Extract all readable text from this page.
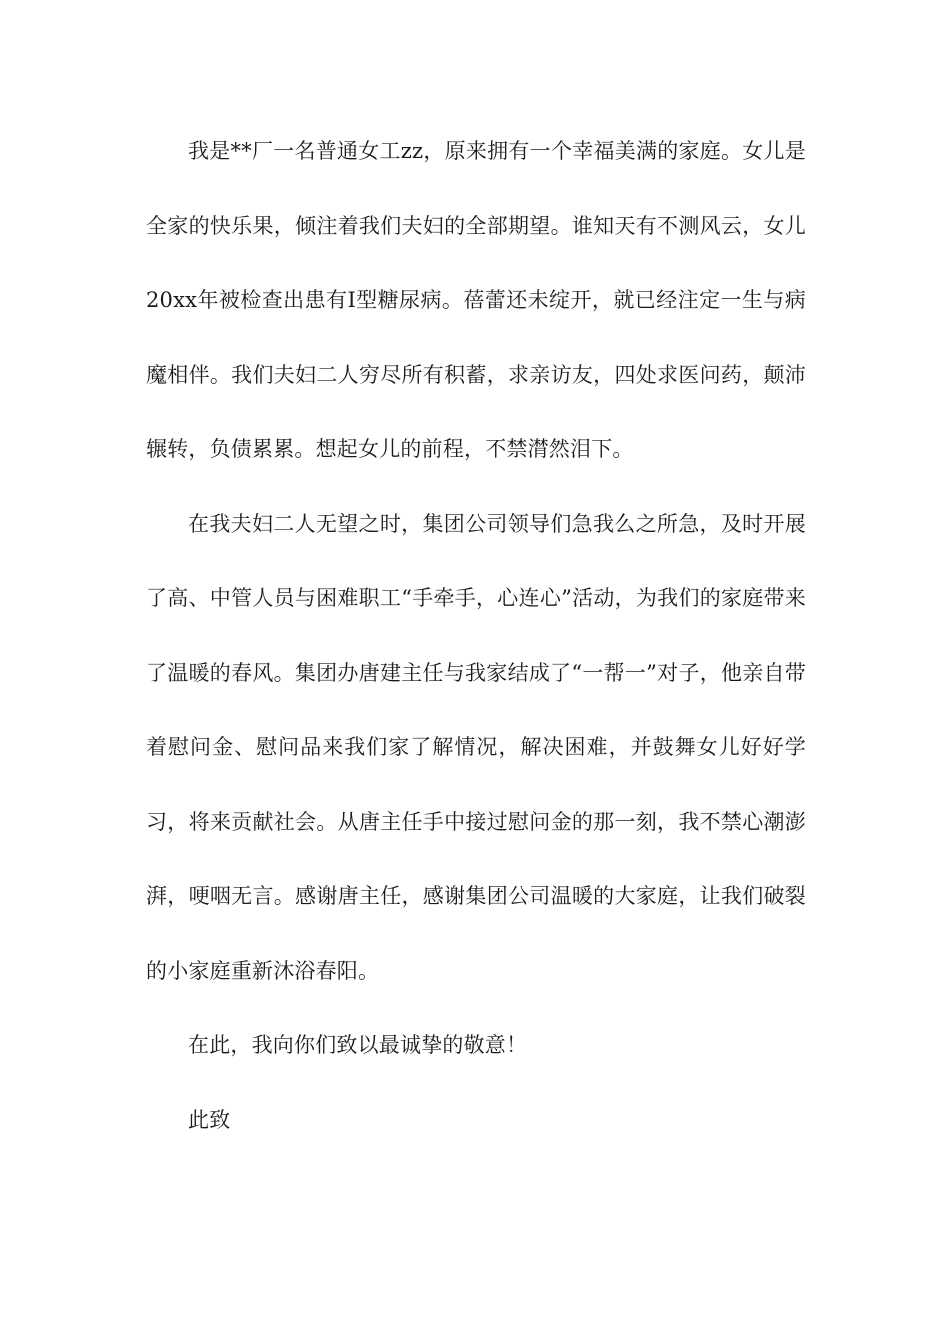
我是**厂一名普通女工zz，原来拥有一个幸福美满的家庭。女儿是全家的快乐果，倾注着我们夫妇的全部期望。谁知天有不测风云，女儿20xx年被检查出患有Ⅰ型糖尿病。蓓蕾还未绽开，就已经注定一生与病魔相伴。我们夫妇二人穷尽所有积蓄，求亲访友，四处求医问药，颠沛辗转，负债累累。想起女儿的前程，不禁潸然泪下。

在我夫妇二人无望之时，集团公司领导们急我么之所急，及时开展了高、中管人员与困难职工“手牵手，心连心”活动，为我们的家庭带来了温暖的春风。集团办唐建主任与我家结成了“一帮一”对子，他亲自带着慰问金、慰问品来我们家了解情况，解决困难，并鼓舞女儿好好学习，将来贡献社会。从唐主任手中接过慰问金的那一刻，我不禁心潮澎湃，哽咽无言。感谢唐主任，感谢集团公司温暖的大家庭，让我们破裂的小家庭重新沐浴春阳。

在此，我向你们致以最诚挚的敬意！

此致
